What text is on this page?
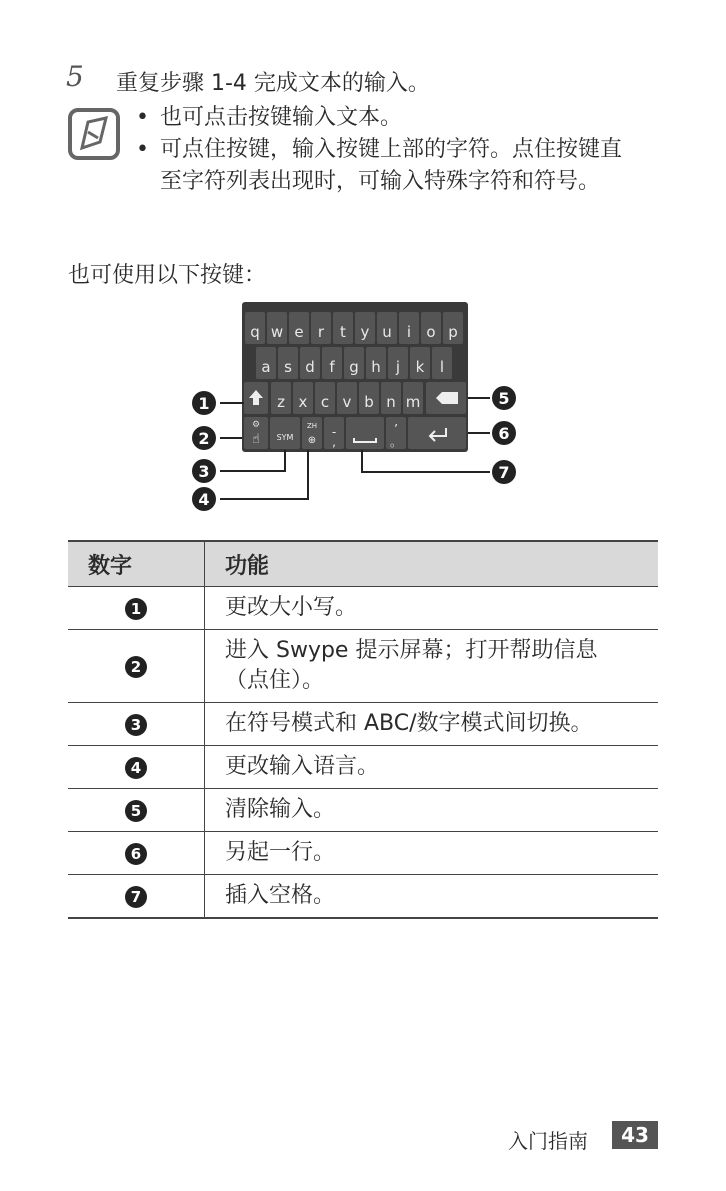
5 重复步骤 1-4 完成文本的输入。
• 也可点击按键输入文本。
• 可点住按键，输入按键上部的字符。点住按键直至字符列表出现时，可输入特殊字符和符号。
也可使用以下按键：
q w e r t y u i o p
a s d f g h j k l
z x c v b n m
⚙
☝ SYM
ZH
⊕
-
,
’
。
1
2
3
4
5
6
7
数字	功能
1	更改大小写。
2	进入 Swype 提示屏幕；打开帮助信息（点住）。
3	在符号模式和 ABC/数字模式间切换。
4	更改输入语言。
5	清除输入。
6	另起一行。
7	插入空格。
入门指南	43
